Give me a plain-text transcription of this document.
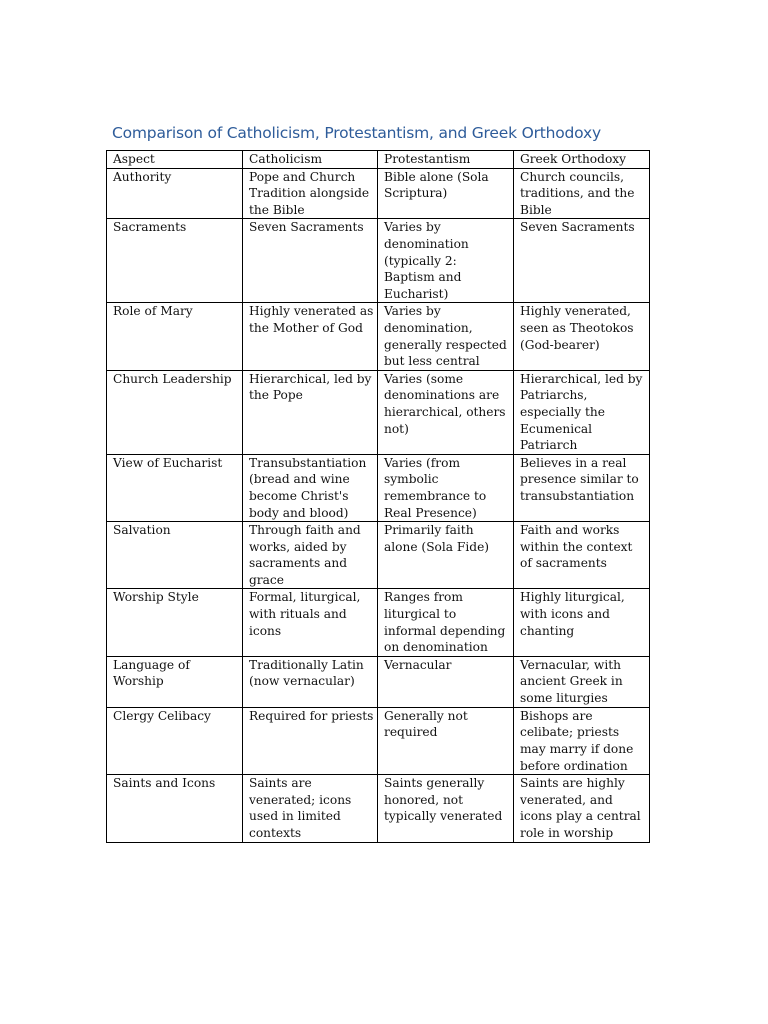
Comparison of Catholicism, Protestantism, and Greek Orthodoxy
Aspect	Catholicism	Protestantism	Greek Orthodoxy
Authority	Pope and Church Tradition alongside the Bible	Bible alone (Sola Scriptura)	Church councils, traditions, and the Bible
Sacraments	Seven Sacraments	Varies by denomination (typically 2: Baptism and Eucharist)	Seven Sacraments
Role of Mary	Highly venerated as the Mother of God	Varies by denomination, generally respected but less central	Highly venerated, seen as Theotokos (God-bearer)
Church Leadership	Hierarchical, led by the Pope	Varies (some denominations are hierarchical, others not)	Hierarchical, led by Patriarchs, especially the Ecumenical Patriarch
View of Eucharist	Transubstantiation (bread and wine become Christ's body and blood)	Varies (from symbolic remembrance to Real Presence)	Believes in a real presence similar to transubstantiation
Salvation	Through faith and works, aided by sacraments and grace	Primarily faith alone (Sola Fide)	Faith and works within the context of sacraments
Worship Style	Formal, liturgical, with rituals and icons	Ranges from liturgical to informal depending on denomination	Highly liturgical, with icons and chanting
Language of Worship	Traditionally Latin (now vernacular)	Vernacular	Vernacular, with ancient Greek in some liturgies
Clergy Celibacy	Required for priests	Generally not required	Bishops are celibate; priests may marry if done before ordination
Saints and Icons	Saints are venerated; icons used in limited contexts	Saints generally honored, not typically venerated	Saints are highly venerated, and icons play a central role in worship
